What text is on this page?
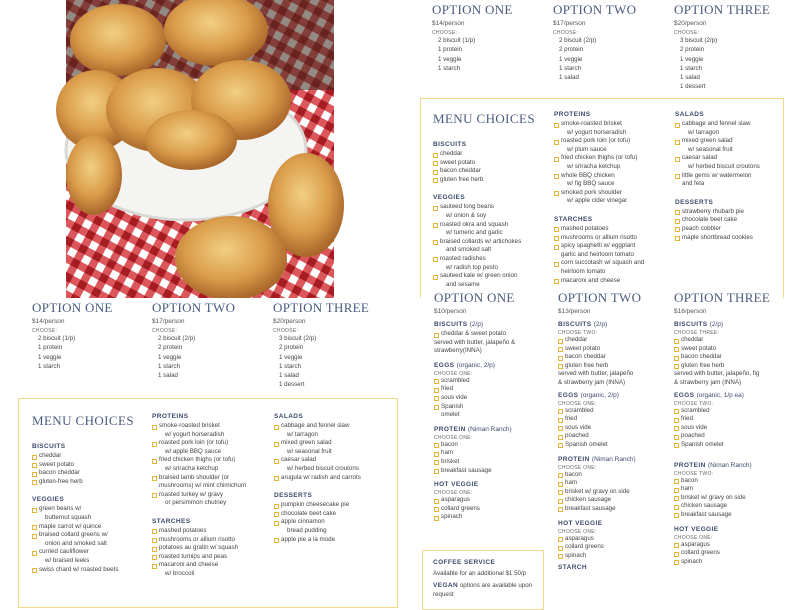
OPTION ONE
$14/person
CHOOSE:
2 biscuit (1/p)
1 protein
1 veggie
1 starch
OPTION TWO
$17/person
CHOOSE:
2 biscuit (2/p)
2 protein
1 veggie
1 starch
1 salad
OPTION THREE
$20/person
CHOOSE:
3 biscuit (2/p)
2 protein
1 veggie
1 starch
1 salad
1 dessert
MENU CHOICES
BISCUITS
cheddar
sweet potato
bacon cheddar
gluten free herb
VEGGIES
sauteed long beans
w/ onion & soy
roasted okra and squash
w/ tumeric and garlic
braised collards w/ artichokes
and smoked salt
roasted radishes
w/ radish top pesto
sauteed kale w/ green onion
and sesame
PROTEINS
smoke-roasted brisket
w/ yogurt horseradish
roasted pork loin (or tofu)
w/ plum sauce
fried chicken thighs (or tofu)
w/ sriracha ketchup
whole BBQ chicken
w/ fig BBQ sauce
smoked pork shoulder
w/ apple cider vinegar
STARCHES
mashed potatoes
mushrooms or allium risotto
spicy spaghetti w/ eggplant
garlic and heirloom tomato
corn succotash w/ squash and
heirloom tomato
macaroni and cheese
SALADS
cabbage and fennel slaw
w/ tarragon
mixed green salad
w/ seasonal fruit
caesar salad
w/ herbed biscuit croutons
little gems w/ watermelon
and feta
DESSERTS
strawberry rhubarb pie
chocolate beet cake
peach cobbler
maple shortbread cookies
OPTION ONE
$14/person
CHOOSE:
2 biscuit (1/p)
1 protein
1 veggie
1 starch
OPTION TWO
$17/person
CHOOSE:
2 biscuit (2/p)
2 protein
1 veggie
1 starch
1 salad
OPTION THREE
$20/person
CHOOSE:
3 biscuit (2/p)
2 protein
1 veggie
1 starch
1 salad
1 dessert
MENU CHOICES
BISCUITS
cheddar
sweet potato
bacon cheddar
gluten-free herb
VEGGIES
green beans w/
butternut squash
maple carrot w/ quince
braised collard greens w/
onion and smoked salt
curried cauliflower
w/ braised leeks
swiss chard w/ roasted beets
PROTEINS
smoke-roasted brisket
w/ yogurt horseradish
roasted pork loin (or tofu)
w/ apple BBQ sauce
fried chicken thighs (or tofu)
w/ sriracha ketchup
braised lamb shoulder (or
mushrooms) w/ mint chimichurri
roasted turkey w/ gravy
or persimmon chutney
STARCHES
mashed potatoes
mushrooms or allium risotto
potatoes au gratin w/ squash
roasted turnips and peas
macaroni and cheese
w/ broccoli
SALADS
cabbage and fennel slaw
w/ tarragon
mixed green salad
w/ seasonal fruit
caesar salad
w/ herbed biscuit croutons
arugula w/ radish and carrots
DESSERTS
pumpkin cheesecake pie
chocolate beet cake
apple cinnamon
bread pudding
apple pie a la mode
OPTION ONE
$10/person
BISCUITS (2/p)
cheddar & sweet potato
served with butter, jalapeño &
strawberry(INNA)
EGGS (organic, 2/p)
CHOOSE ONE:
scrambled
fried
sous vide
Spanish
omelet
PROTEIN (Niman Ranch)
CHOOSE ONE:
bacon
ham
brisket
breakfast sausage
HOT VEGGIE
CHOOSE ONE:
asparagus
collard greens
spinach
COFFEE SERVICE
Available for an additional $1.50/p
VEGAN options are available upon request
OPTION TWO
$13/person
BISCUITS (2/p)
CHOOSE TWO:
cheddar
sweet potato
bacon cheddar
gluten free herb
served with butter, jalapeño
& strawberry jam (INNA)
EGGS (organic, 2/p)
CHOOSE ONE:
scrambled
fried
sous vide
poached
Spanish omelet
PROTEIN (Niman Ranch)
CHOOSE ONE:
bacon
ham
brisket w/ gravy on side
chicken sausage
breakfast sausage
HOT VEGGIE
CHOOSE ONE:
asparagus
collard greens
spinach
STARCH
OPTION THREE
$16/person
BISCUITS (2/p)
CHOOSE THREE:
cheddar
sweet potato
bacon cheddar
gluten free herb
served with butter, jalapeño, fig
& strawberry jam (INNA)
EGGS (organic, 1/p ea)
CHOOSE TWO:
scrambled
fried
sous vide
poached
Spanish omelet
PROTEIN (Niman Ranch)
CHOOSE TWO:
bacon
ham
brisket w/ gravy on side
chicken sausage
breakfast sausage
HOT VEGGIE
CHOOSE ONE:
asparagus
collard greens
spinach
